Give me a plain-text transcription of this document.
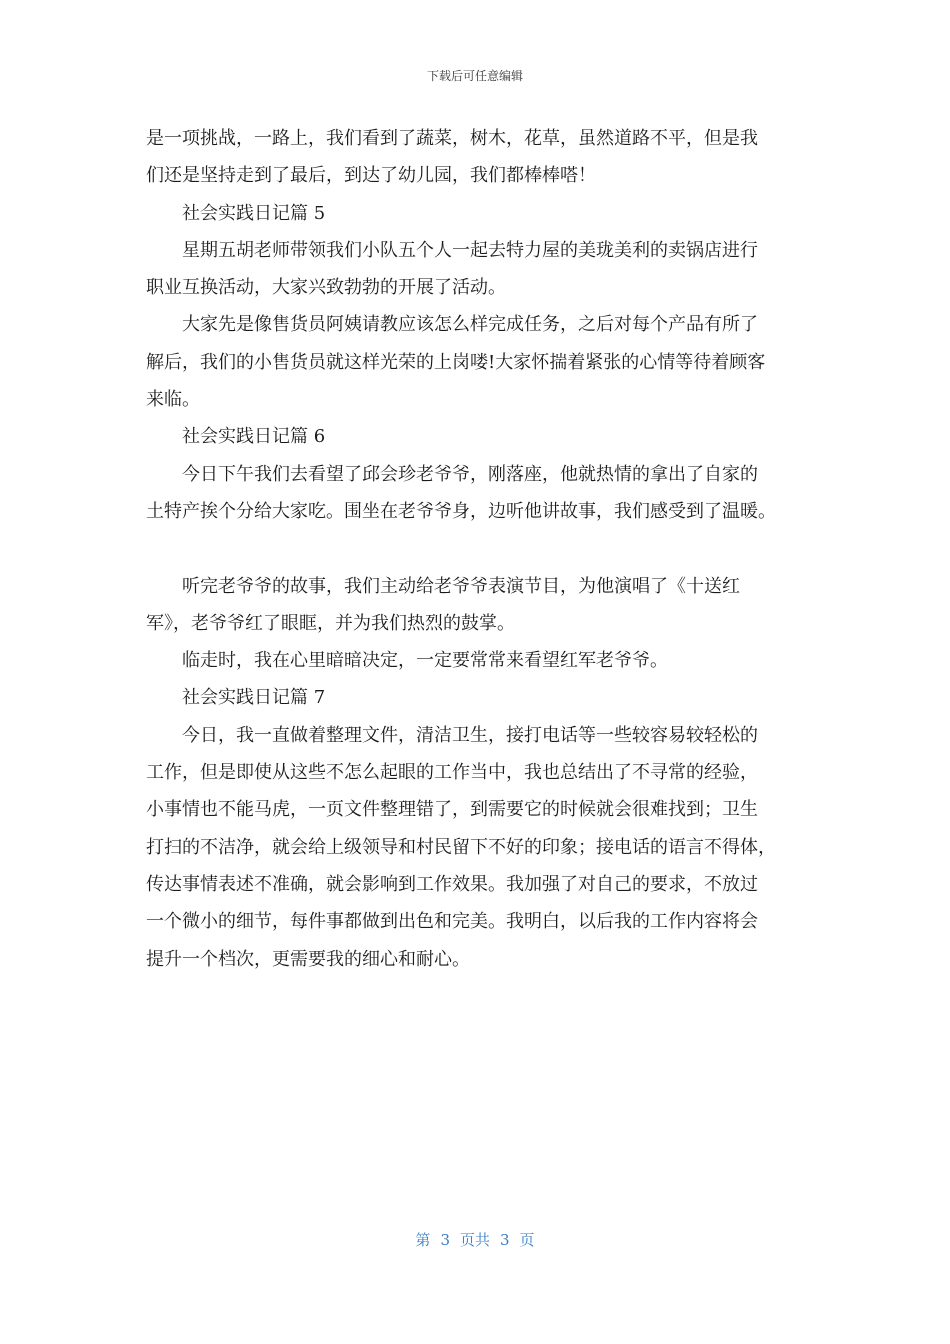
下载后可任意编辑
是一项挑战，一路上，我们看到了蔬菜，树木，花草，虽然道路不平，但是我
们还是坚持走到了最后，到达了幼儿园，我们都棒棒嗒！
社会实践日记篇 5
星期五胡老师带领我们小队五个人一起去特力屋的美珑美利的卖锅店进行
职业互换活动，大家兴致勃勃的开展了活动。
大家先是像售货员阿姨请教应该怎么样完成任务，之后对每个产品有所了
解后，我们的小售货员就这样光荣的上岗喽!大家怀揣着紧张的心情等待着顾客
来临。
社会实践日记篇 6
今日下午我们去看望了邱会珍老爷爷，刚落座，他就热情的拿出了自家的
土特产挨个分给大家吃。围坐在老爷爷身，边听他讲故事，我们感受到了温暖。
听完老爷爷的故事，我们主动给老爷爷表演节目，为他演唱了《十送红
军》，老爷爷红了眼眶，并为我们热烈的鼓掌。
临走时，我在心里暗暗决定，一定要常常来看望红军老爷爷。
社会实践日记篇 7
今日，我一直做着整理文件，清洁卫生，接打电话等一些较容易较轻松的
工作，但是即使从这些不怎么起眼的工作当中，我也总结出了不寻常的经验，
小事情也不能马虎，一页文件整理错了，到需要它的时候就会很难找到；卫生
打扫的不洁净，就会给上级领导和村民留下不好的印象；接电话的语言不得体，
传达事情表述不准确，就会影响到工作效果。我加强了对自己的要求，不放过
一个微小的细节，每件事都做到出色和完美。我明白，以后我的工作内容将会
提升一个档次，更需要我的细心和耐心。
第 3 页共 3 页
